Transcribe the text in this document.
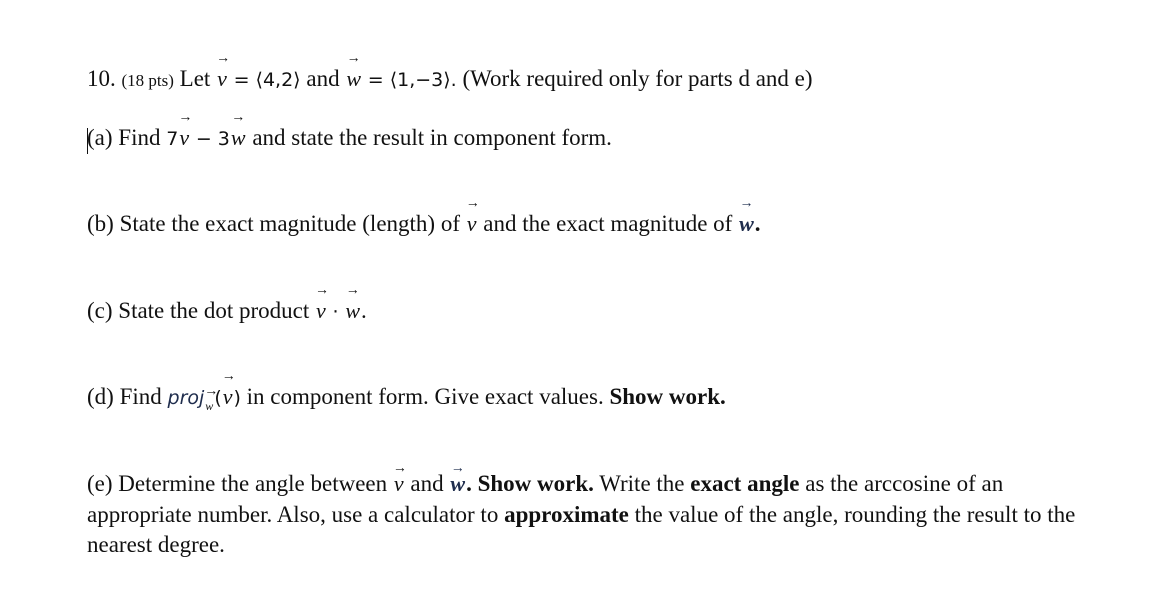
10. (18 pts) Let → v = ⟨4,2⟩ and → w = ⟨1,−3⟩. (Work required only for parts d and e)
(a) Find 7→ v − 3→ w and state the result in component form.
(b) State the exact magnitude (length) of → v and the exact magnitude of → w.
(c) State the dot product → v · → w.
(d) Find proj→ $_w$(→ v) in component form. Give exact values. Show work.
(e) Determine the angle between → v and → w. Show work. Write the exact angle as the arccosine of an appropriate number. Also, use a calculator to approximate the value of the angle, rounding the result to the nearest degree.
